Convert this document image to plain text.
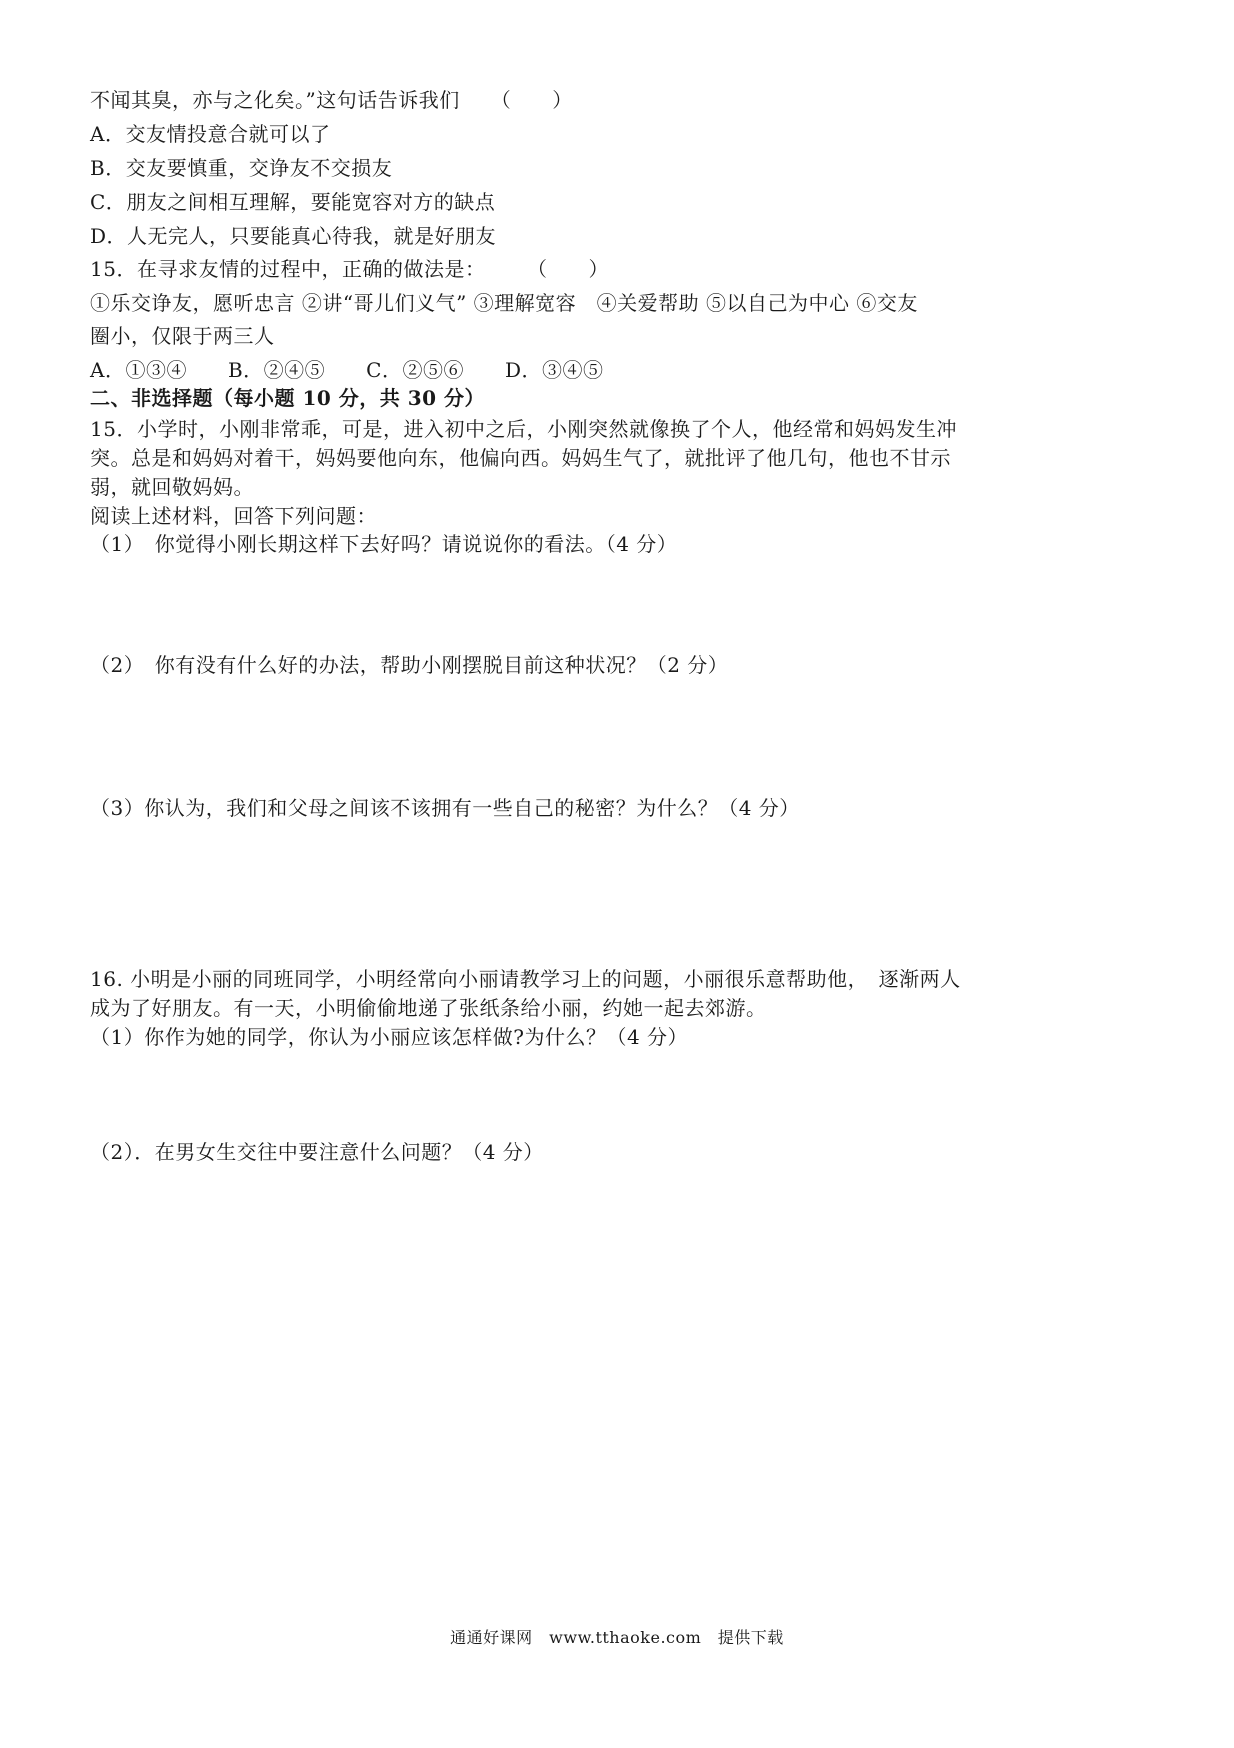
不闻其臭，亦与之化矣。”这句话告诉我们　　（　　）
A．交友情投意合就可以了
B．交友要慎重，交诤友不交损友
C．朋友之间相互理解，要能宽容对方的缺点
D．人无完人，只要能真心待我，就是好朋友
15．在寻求友情的过程中，正确的做法是：　　　（　　）
①乐交诤友，愿听忠言 ②讲“哥儿们义气” ③理解宽容　④关爱帮助 ⑤以自己为中心 ⑥交友
圈小，仅限于两三人
A．①③④　　B．②④⑤　　C．②⑤⑥　　D．③④⑤
二、非选择题（每小题 10 分，共 30 分）
15．小学时，小刚非常乖，可是，进入初中之后，小刚突然就像换了个人，他经常和妈妈发生冲
突。总是和妈妈对着干，妈妈要他向东，他偏向西。妈妈生气了，就批评了他几句，他也不甘示
弱，就回敬妈妈。
阅读上述材料，回答下列问题：
（1）　你觉得小刚长期这样下去好吗？请说说你的看法。（4 分）
（2）　你有没有什么好的办法，帮助小刚摆脱目前这种状况？（2 分）
（3）你认为，我们和父母之间该不该拥有一些自己的秘密？为什么？（4 分）
16. 小明是小丽的同班同学，小明经常向小丽请教学习上的问题，小丽很乐意帮助他，　逐渐两人
成为了好朋友。有一天，小明偷偷地递了张纸条给小丽，约她一起去郊游。
（1）你作为她的同学，你认为小丽应该怎样做?为什么？（4 分）
（2）．在男女生交往中要注意什么问题？（4 分）
通通好课网　www.tthaoke.com　提供下载
